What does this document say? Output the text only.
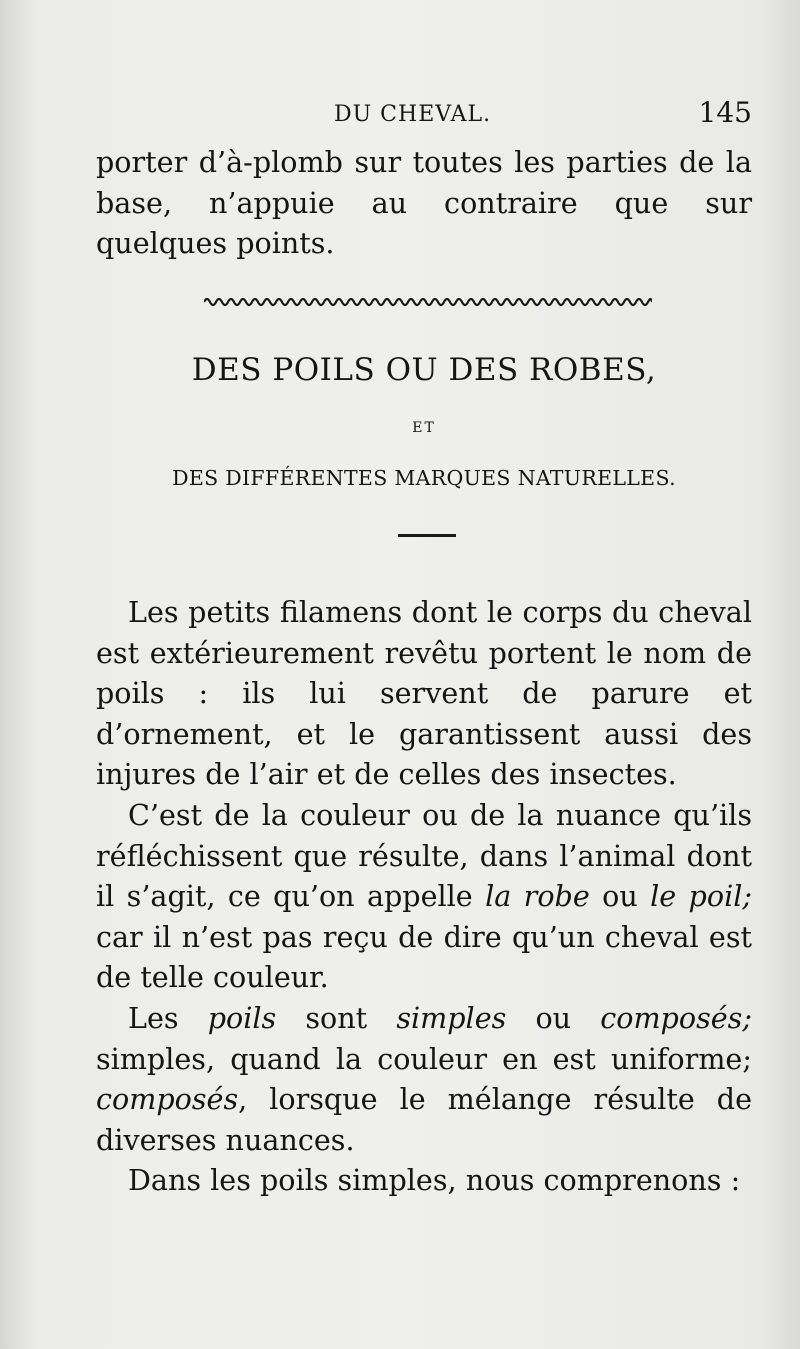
DU CHEVAL.	145

porter d’à-plomb sur toutes les parties de la base, n’appuie au contraire que sur quelques points.

DES POILS OU DES ROBES,
ET
DES DIFFÉRENTES MARQUES NATURELLES.

Les petits filamens dont le corps du cheval est extérieurement revêtu portent le nom de poils : ils lui servent de parure et d’ornement, et le garantissent aussi des injures de l’air et de celles des insectes.

C’est de la couleur ou de la nuance qu’ils réfléchissent que résulte, dans l’animal dont il s’agit, ce qu’on appelle la robe ou le poil; car il n’est pas reçu de dire qu’un cheval est de telle couleur.

Les poils sont simples ou composés; simples, quand la couleur en est uniforme; composés, lorsque le mélange résulte de diverses nuances.

Dans les poils simples, nous comprenons :
